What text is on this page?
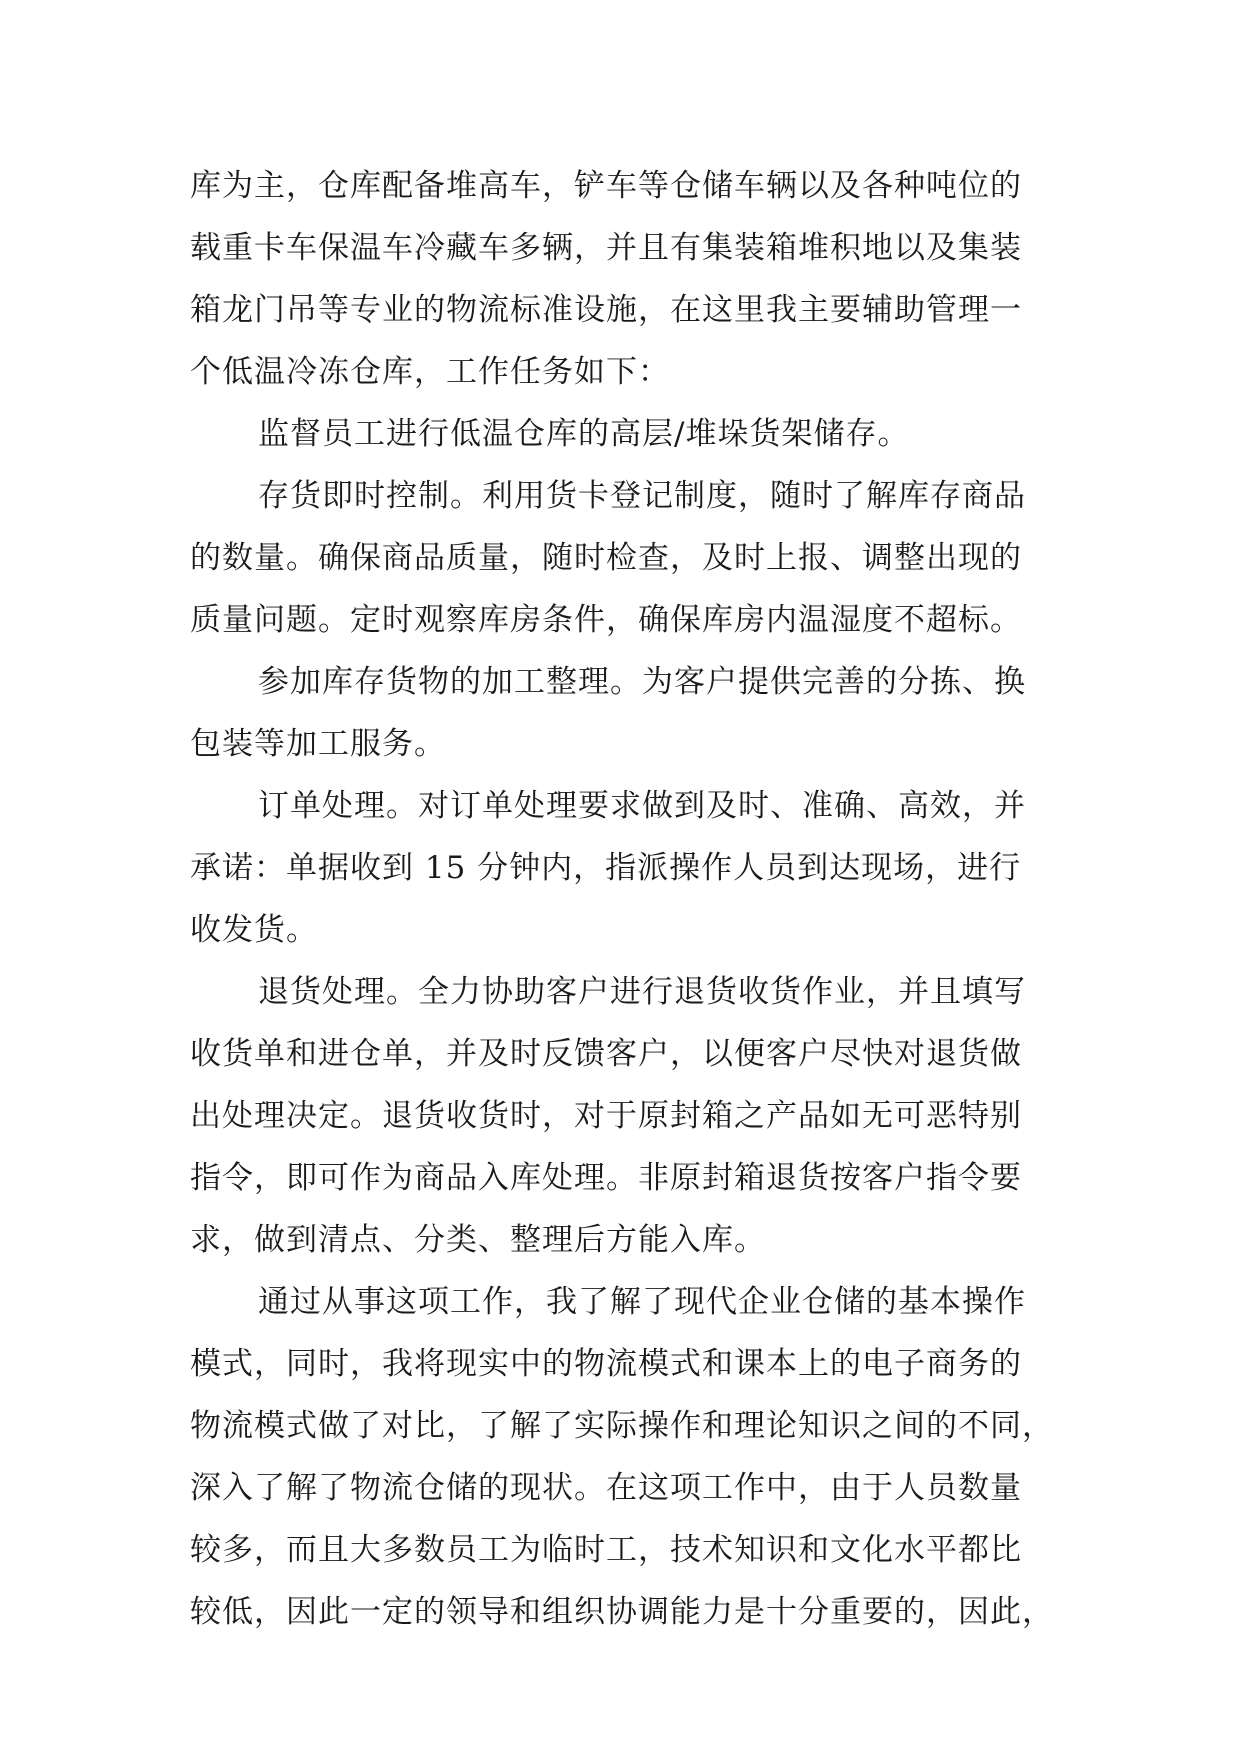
库为主，仓库配备堆高车，铲车等仓储车辆以及各种吨位的
载重卡车保温车冷藏车多辆，并且有集装箱堆积地以及集装
箱龙门吊等专业的物流标准设施，在这里我主要辅助管理一
个低温冷冻仓库，工作任务如下：
监督员工进行低温仓库的高层/堆垛货架储存。
存货即时控制。利用货卡登记制度，随时了解库存商品
的数量。确保商品质量，随时检查，及时上报、调整出现的
质量问题。定时观察库房条件，确保库房内温湿度不超标。
参加库存货物的加工整理。为客户提供完善的分拣、换
包装等加工服务。
订单处理。对订单处理要求做到及时、准确、高效，并
承诺：单据收到 15 分钟内，指派操作人员到达现场，进行
收发货。
退货处理。全力协助客户进行退货收货作业，并且填写
收货单和进仓单，并及时反馈客户，以便客户尽快对退货做
出处理决定。退货收货时，对于原封箱之产品如无可恶特别
指令，即可作为商品入库处理。非原封箱退货按客户指令要
求，做到清点、分类、整理后方能入库。
通过从事这项工作，我了解了现代企业仓储的基本操作
模式，同时，我将现实中的物流模式和课本上的电子商务的
物流模式做了对比，了解了实际操作和理论知识之间的不同，
深入了解了物流仓储的现状。在这项工作中，由于人员数量
较多，而且大多数员工为临时工，技术知识和文化水平都比
较低，因此一定的领导和组织协调能力是十分重要的，因此，
